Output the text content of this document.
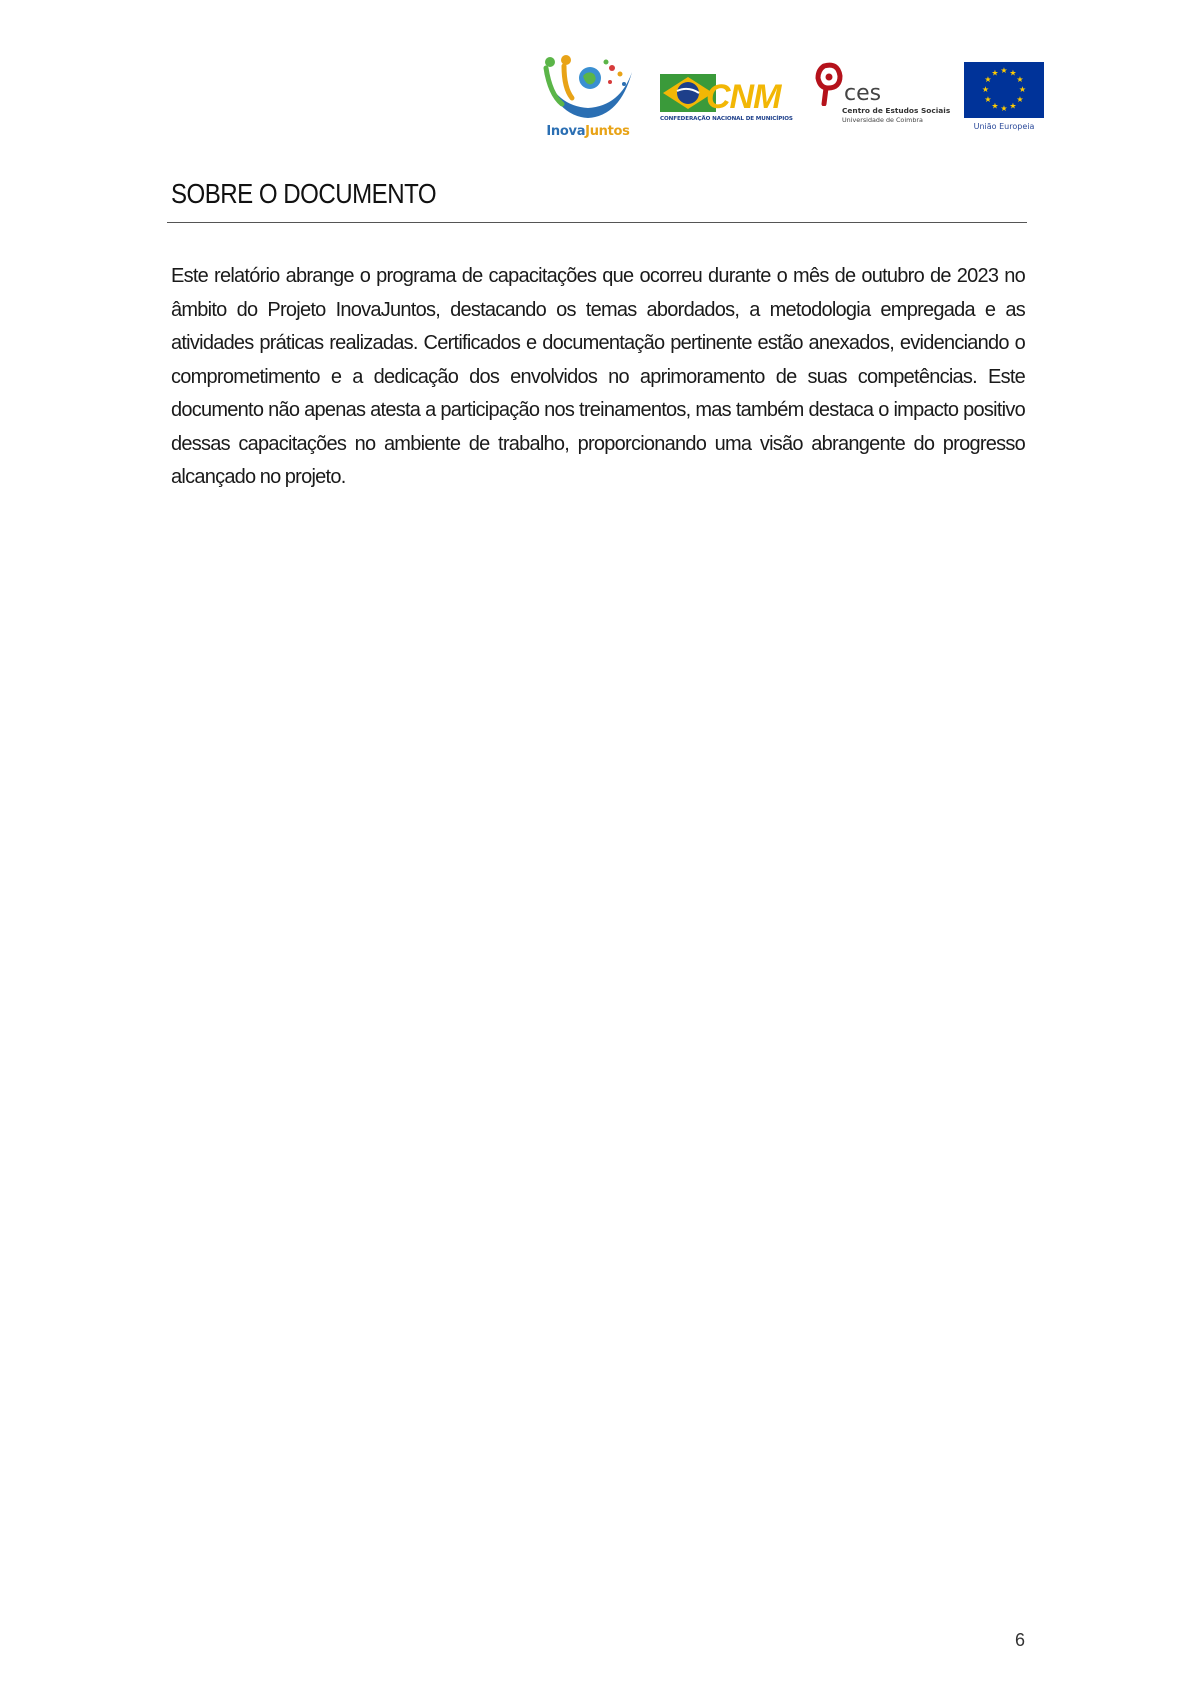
InovaJuntos
CNM
CONFEDERAÇÃO NACIONAL DE MUNICÍPIOS
ces
Centro de Estudos Sociais
Universidade de Coimbra
★ ★
★
★
★
★
★
★
★
★
★
★
União Europeia
SOBRE O DOCUMENTO

Este relatório abrange o programa de capacitações que ocorreu durante o mês de outubro de 2023 no âmbito do Projeto InovaJuntos, destacando os temas abordados, a metodologia empregada e as atividades práticas realizadas. Certificados e documentação pertinente estão anexados, evidenciando o comprometimento e a dedicação dos envolvidos no aprimoramento de suas competências. Este documento não apenas atesta a participação nos treinamentos, mas também destaca o impacto positivo dessas capacitações no ambiente de trabalho, proporcionando uma visão abrangente do progresso alcançado no projeto.

6
